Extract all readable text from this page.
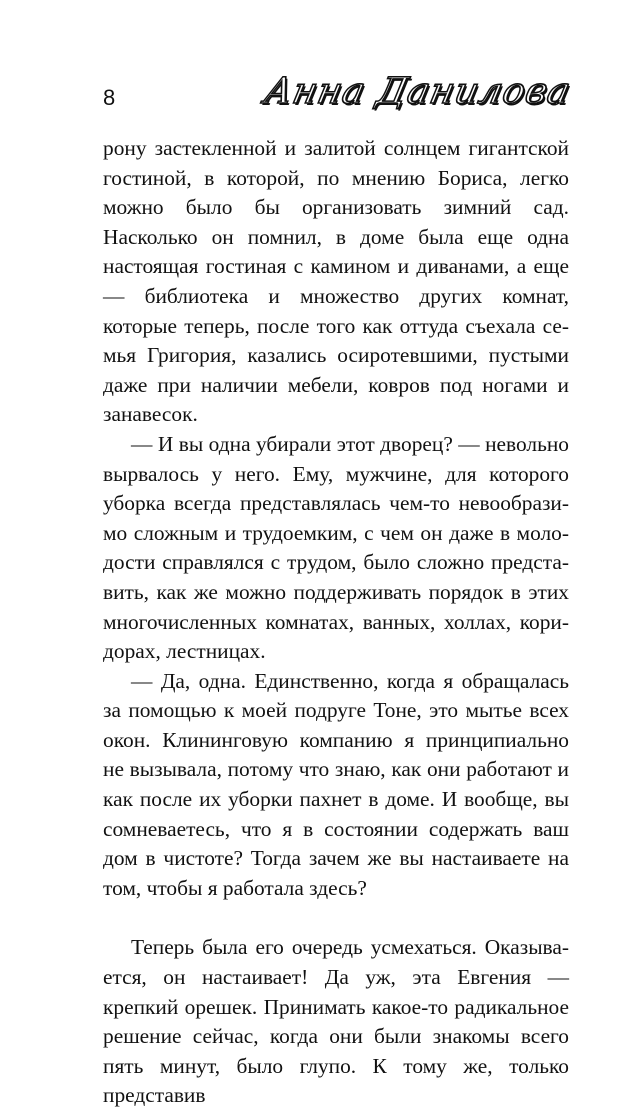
8	Анна Данилова

рону застекленной и залитой солнцем гигантской гостиной, в которой, по мнению Бориса, легко можно было бы организовать зимний сад. Насколько он помнил, в доме была еще одна настоящая гостиная с камином и диванами, а еще — библиотека и множество других комнат, которые теперь, после того как оттуда съехала семья Григория, казались осиротевшими, пустыми даже при наличии мебели, ковров под ногами и занавесок.

— И вы одна убирали этот дворец? — невольно вырвалось у него. Ему, мужчине, для которого уборка всегда представлялась чем-то невообразимо сложным и трудоемким, с чем он даже в молодости справлялся с трудом, было сложно представить, как же можно поддерживать порядок в этих многочисленных комнатах, ванных, холлах, коридорах, лестницах.

— Да, одна. Единственно, когда я обращалась за помощью к моей подруге Тоне, это мытье всех окон. Клининговую компанию я принципиально не вызывала, потому что знаю, как они работают и как после их уборки пахнет в доме. И вообще, вы сомневаетесь, что я в состоянии содержать ваш дом в чистоте? Тогда зачем же вы настаиваете на том, чтобы я работала здесь?

Теперь была его очередь усмехаться. Оказывается, он настаивает! Да уж, эта Евгения — крепкий орешек. Принимать какое-то радикальное решение сейчас, когда они были знакомы всего пять минут, было глупо. К тому же, только представив
